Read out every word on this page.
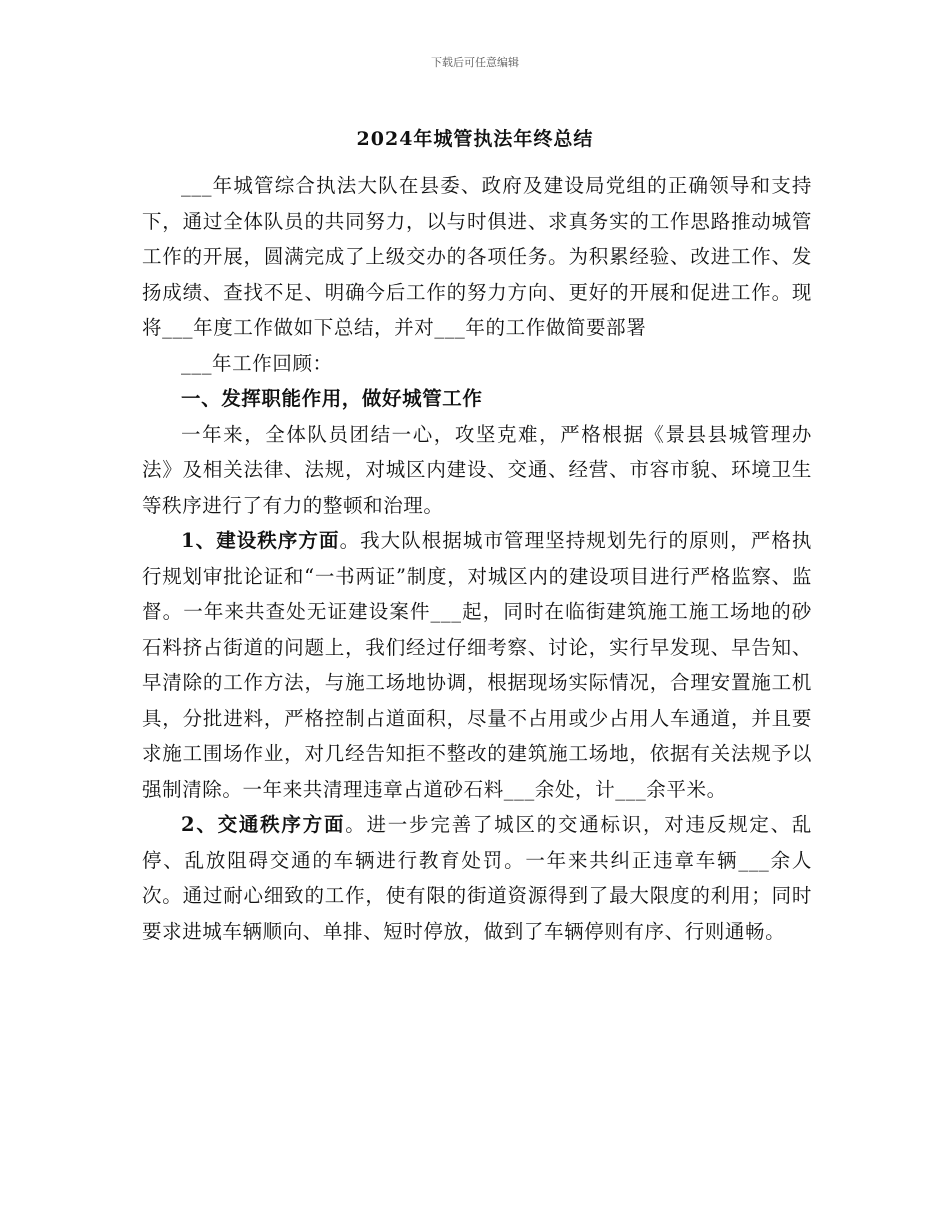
下载后可任意编辑
2024年城管执法年终总结

___年城管综合执法大队在县委、政府及建设局党组的正确领导和支持下，通过全体队员的共同努力，以与时俱进、求真务实的工作思路推动城管工作的开展，圆满完成了上级交办的各项任务。为积累经验、改进工作、发扬成绩、查找不足、明确今后工作的努力方向、更好的开展和促进工作。现将___年度工作做如下总结，并对___年的工作做简要部署

___年工作回顾：

一、发挥职能作用，做好城管工作

一年来，全体队员团结一心，攻坚克难，严格根据《景县县城管理办法》及相关法律、法规，对城区内建设、交通、经营、市容市貌、环境卫生等秩序进行了有力的整顿和治理。

1、建设秩序方面。我大队根据城市管理坚持规划先行的原则，严格执行规划审批论证和“一书两证”制度，对城区内的建设项目进行严格监察、监督。一年来共查处无证建设案件___起，同时在临街建筑施工施工场地的砂石料挤占街道的问题上，我们经过仔细考察、讨论，实行早发现、早告知、早清除的工作方法，与施工场地协调，根据现场实际情况，合理安置施工机具，分批进料，严格控制占道面积，尽量不占用或少占用人车通道，并且要求施工围场作业，对几经告知拒不整改的建筑施工场地，依据有关法规予以强制清除。一年来共清理违章占道砂石料___余处，计___余平米。

2、交通秩序方面。进一步完善了城区的交通标识，对违反规定、乱停、乱放阻碍交通的车辆进行教育处罚。一年来共纠正违章车辆___余人次。通过耐心细致的工作，使有限的街道资源得到了最大限度的利用；同时要求进城车辆顺向、单排、短时停放，做到了车辆停则有序、行则通畅。
